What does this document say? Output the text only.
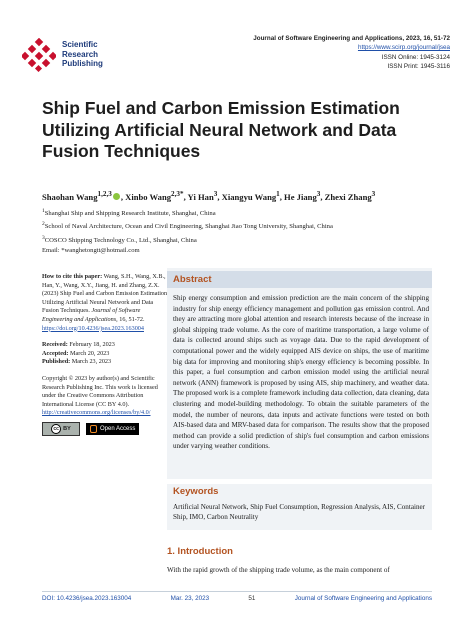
Scientific
Research
Publishing
Journal of Software Engineering and Applications, 2023, 16, 51-72
https://www.scirp.org/journal/jsea
ISSN Online: 1945-3124
ISSN Print: 1945-3116
Ship Fuel and Carbon Emission Estimation Utilizing Artificial Neural Network and Data Fusion Techniques
Shaohan Wang$^{1,2,3}$ , Xinbo Wang$^{2,3*}$, Yi Han$^3$, Xiangyu Wang$^1$, He Jiang$^3$, Zhexi Zhang$^3$
$^1$Shanghai Ship and Shipping Research Institute, Shanghai, China
$^2$School of Naval Architecture, Ocean and Civil Engineering, Shanghai Jiao Tong University, Shanghai, China
$^3$COSCO Shipping Technology Co., Ltd., Shanghai, China
Email: *wanghetongtt@hotmail.com
How to cite this paper: Wang, S.H., Wang, X.B., Han, Y., Wang, X.Y., Jiang, H. and Zhang, Z.X. (2023) Ship Fuel and Carbon Emission Estimation Utilizing Artificial Neural Network and Data Fusion Techniques. Journal of Software Engineering and Applications, 16, 51-72.
https://doi.org/10.4236/jsea.2023.163004
Received: February 18, 2023
Accepted: March 20, 2023
Published: March 23, 2023
Copyright © 2023 by author(s) and Scientific Research Publishing Inc. This work is licensed under the Creative Commons Attribution International License (CC BY 4.0).
http://creativecommons.org/licenses/by/4.0/
cc BY	Open Access
Abstract
Ship energy consumption and emission prediction are the main concern of the shipping industry for ship energy efficiency management and pollution gas emission control. And they are attracting more global attention and research interests because of the increase in global shipping trade volume. As the core of maritime transportation, a large volume of data is collected around ships such as voyage data. Due to the rapid development of computational power and the widely equipped AIS device on ships, the use of maritime big data for improving and monitoring ship's energy efficiency is becoming possible. In this paper, a fuel consumption and carbon emission model using the artificial neural network (ANN) framework is proposed by using AIS, ship machinery, and weather data. The proposed work is a complete framework including data collection, data cleaning, data clustering and model-building methodology. To obtain the suitable parameters of the model, the number of neurons, data inputs and activate functions were tested on both AIS-based data and MRV-based data for comparison. The results show that the proposed method can provide a solid prediction of ship's fuel consumption and carbon emissions under varying weather conditions.
Keywords
Artificial Neural Network, Ship Fuel Consumption, Regression Analysis, AIS, Container Ship, IMO, Carbon Neutrality
1. Introduction
With the rapid growth of the shipping trade volume, as the main component of
DOI: 10.4236/jsea.2023.163004	Mar. 23, 2023	51	Journal of Software Engineering and Applications
